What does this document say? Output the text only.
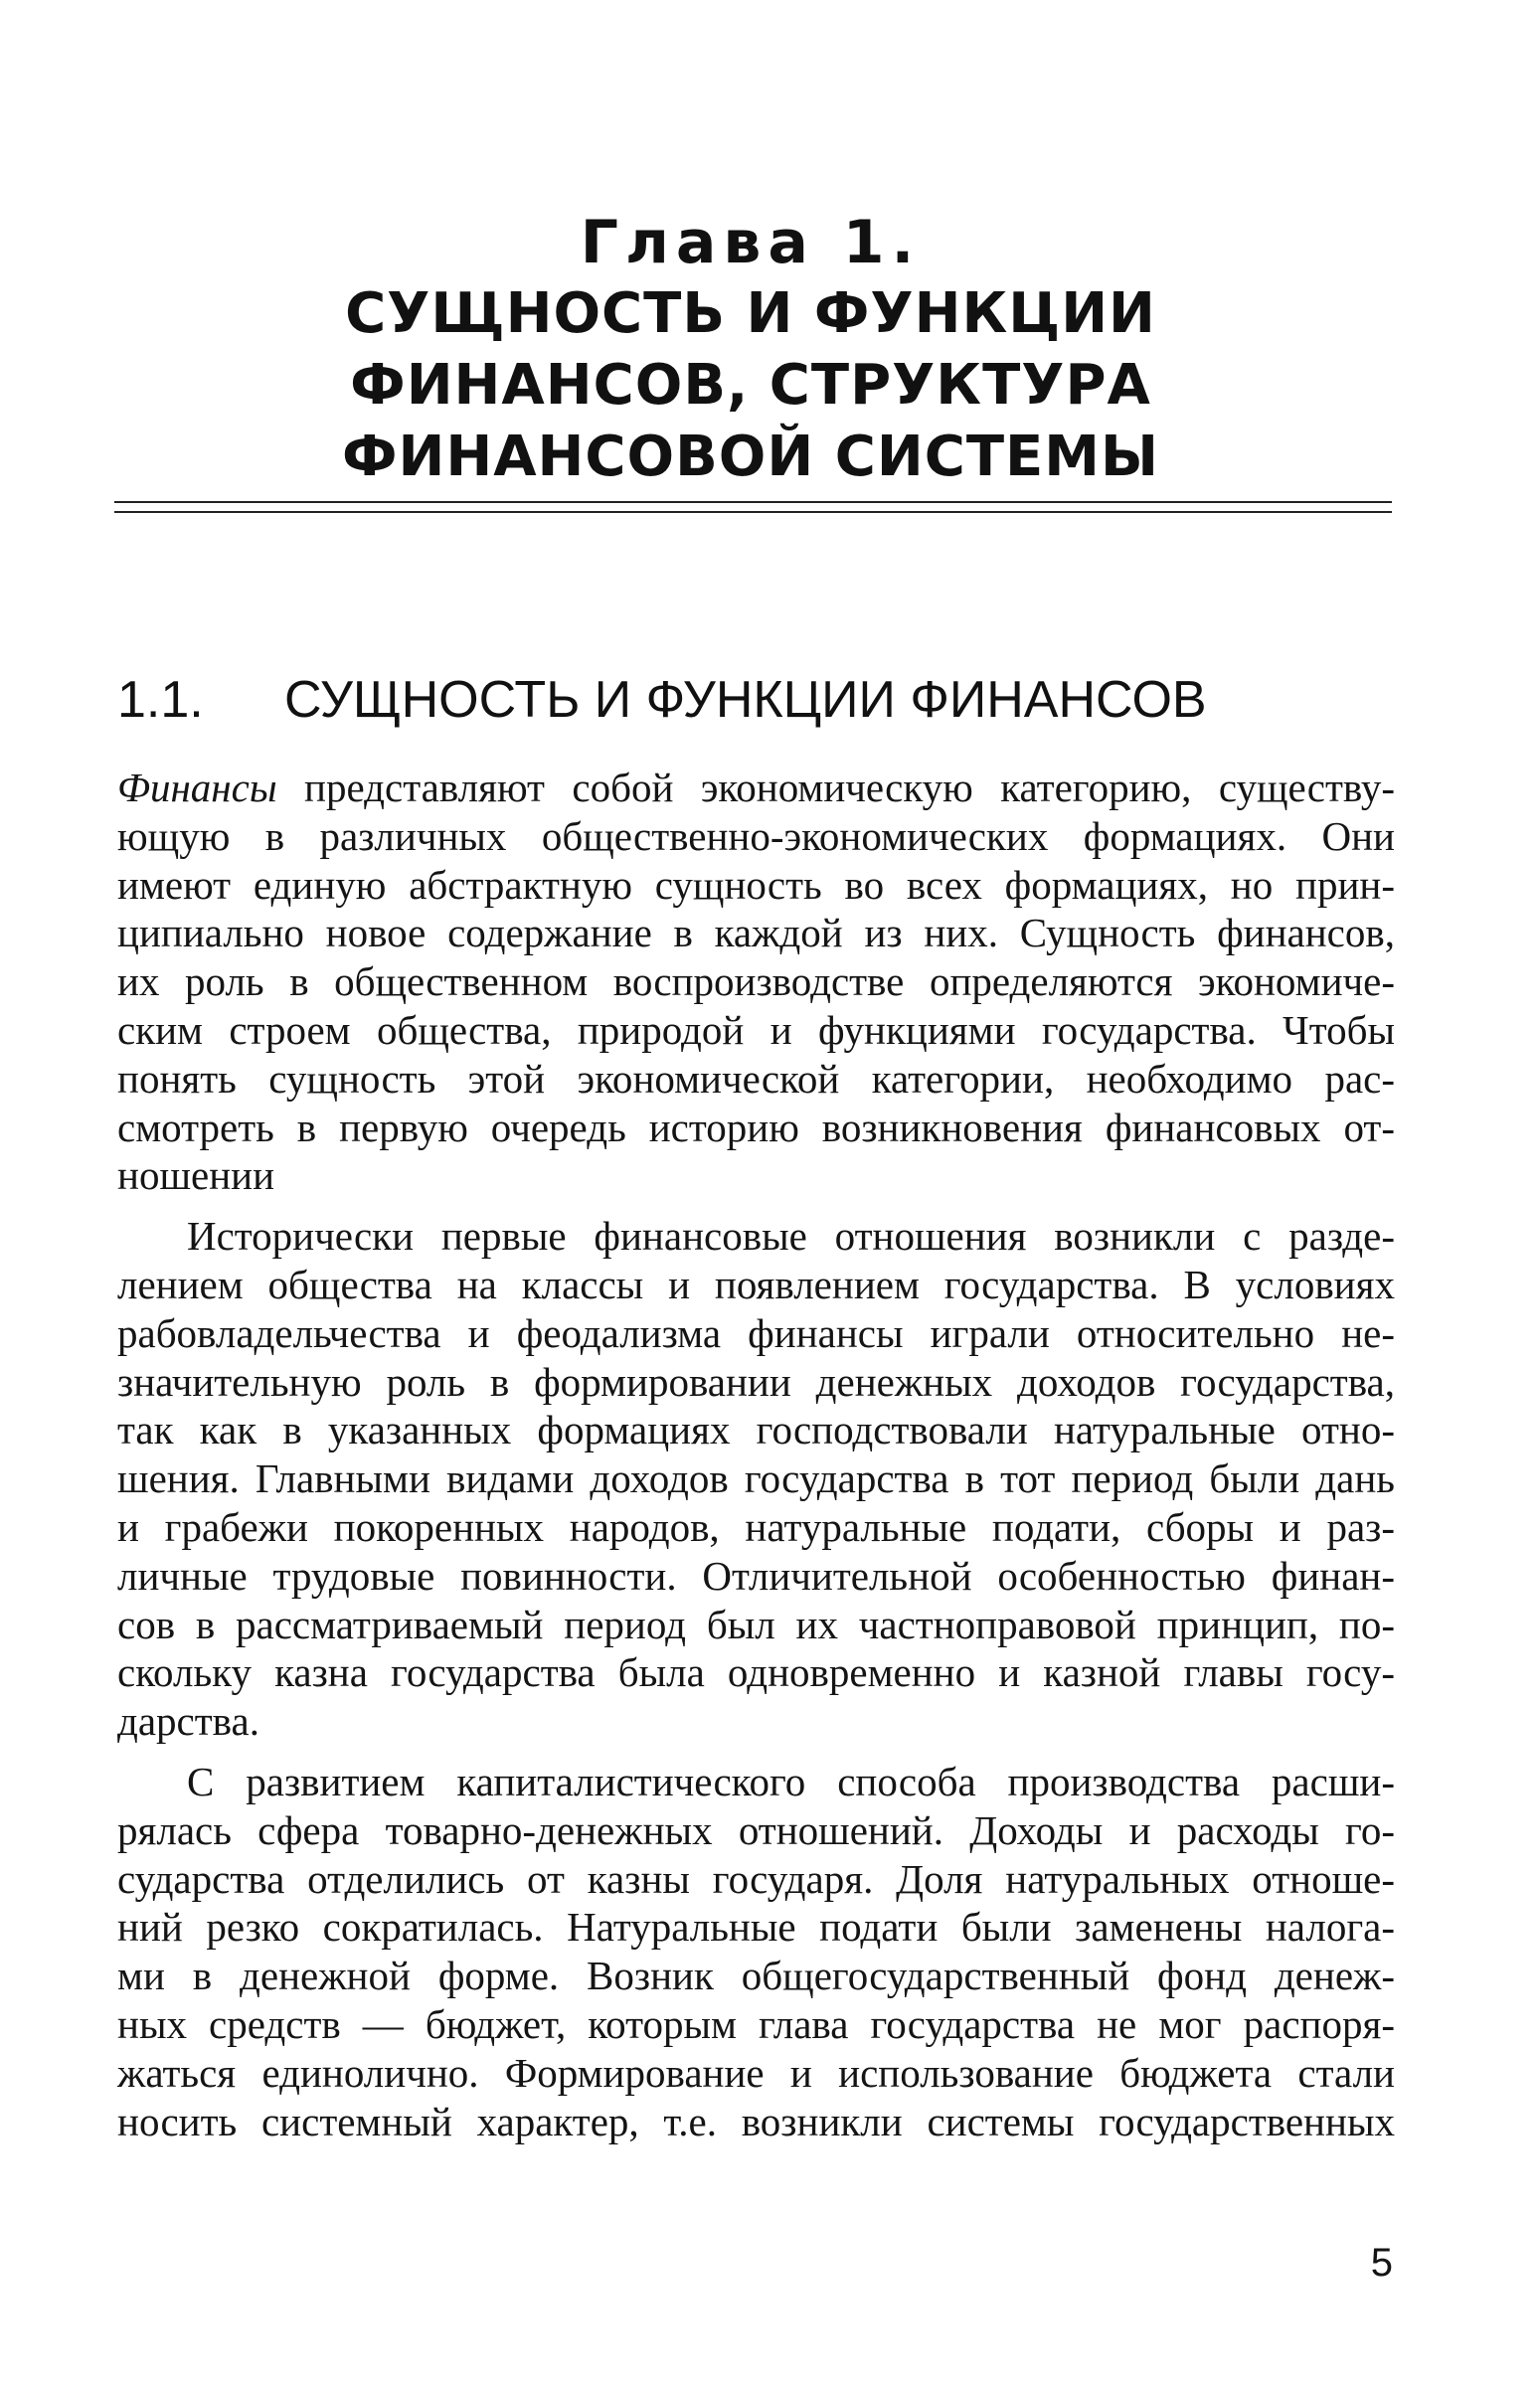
Глава 1.
СУЩНОСТЬ И ФУНКЦИИ
ФИНАНСОВ, СТРУКТУРА
ФИНАНСОВОЙ СИСТЕМЫ
1.1. СУЩНОСТЬ И ФУНКЦИИ ФИНАНСОВ
Финансы представляют собой экономическую категорию, существу-
ющую в различных общественно-экономических формациях. Они
имеют единую абстрактную сущность во всех формациях, но прин-
ципиально новое содержание в каждой из них. Сущность финансов,
их роль в общественном воспроизводстве определяются экономиче-
ским строем общества, природой и функциями государства. Чтобы
понять сущность этой экономической категории, необходимо рас-
смотреть в первую очередь историю возникновения финансовых от-
ношении
Исторически первые финансовые отношения возникли с разде-
лением общества на классы и появлением государства. В условиях
рабовладельчества и феодализма финансы играли относительно не-
значительную роль в формировании денежных доходов государства,
так как в указанных формациях господствовали натуральные отно-
шения. Главными видами доходов государства в тот период были дань
и грабежи покоренных народов, натуральные подати, сборы и раз-
личные трудовые повинности. Отличительной особенностью финан-
сов в рассматриваемый период был их частноправовой принцип, по-
скольку казна государства была одновременно и казной главы госу-
дарства.
С развитием капиталистического способа производства расши-
рялась сфера товарно-денежных отношений. Доходы и расходы го-
сударства отделились от казны государя. Доля натуральных отноше-
ний резко сократилась. Натуральные подати были заменены налога-
ми в денежной форме. Возник общегосударственный фонд денеж-
ных средств — бюджет, которым глава государства не мог распоря-
жаться единолично. Формирование и использование бюджета стали
носить системный характер, т.е. возникли системы государственных
5
